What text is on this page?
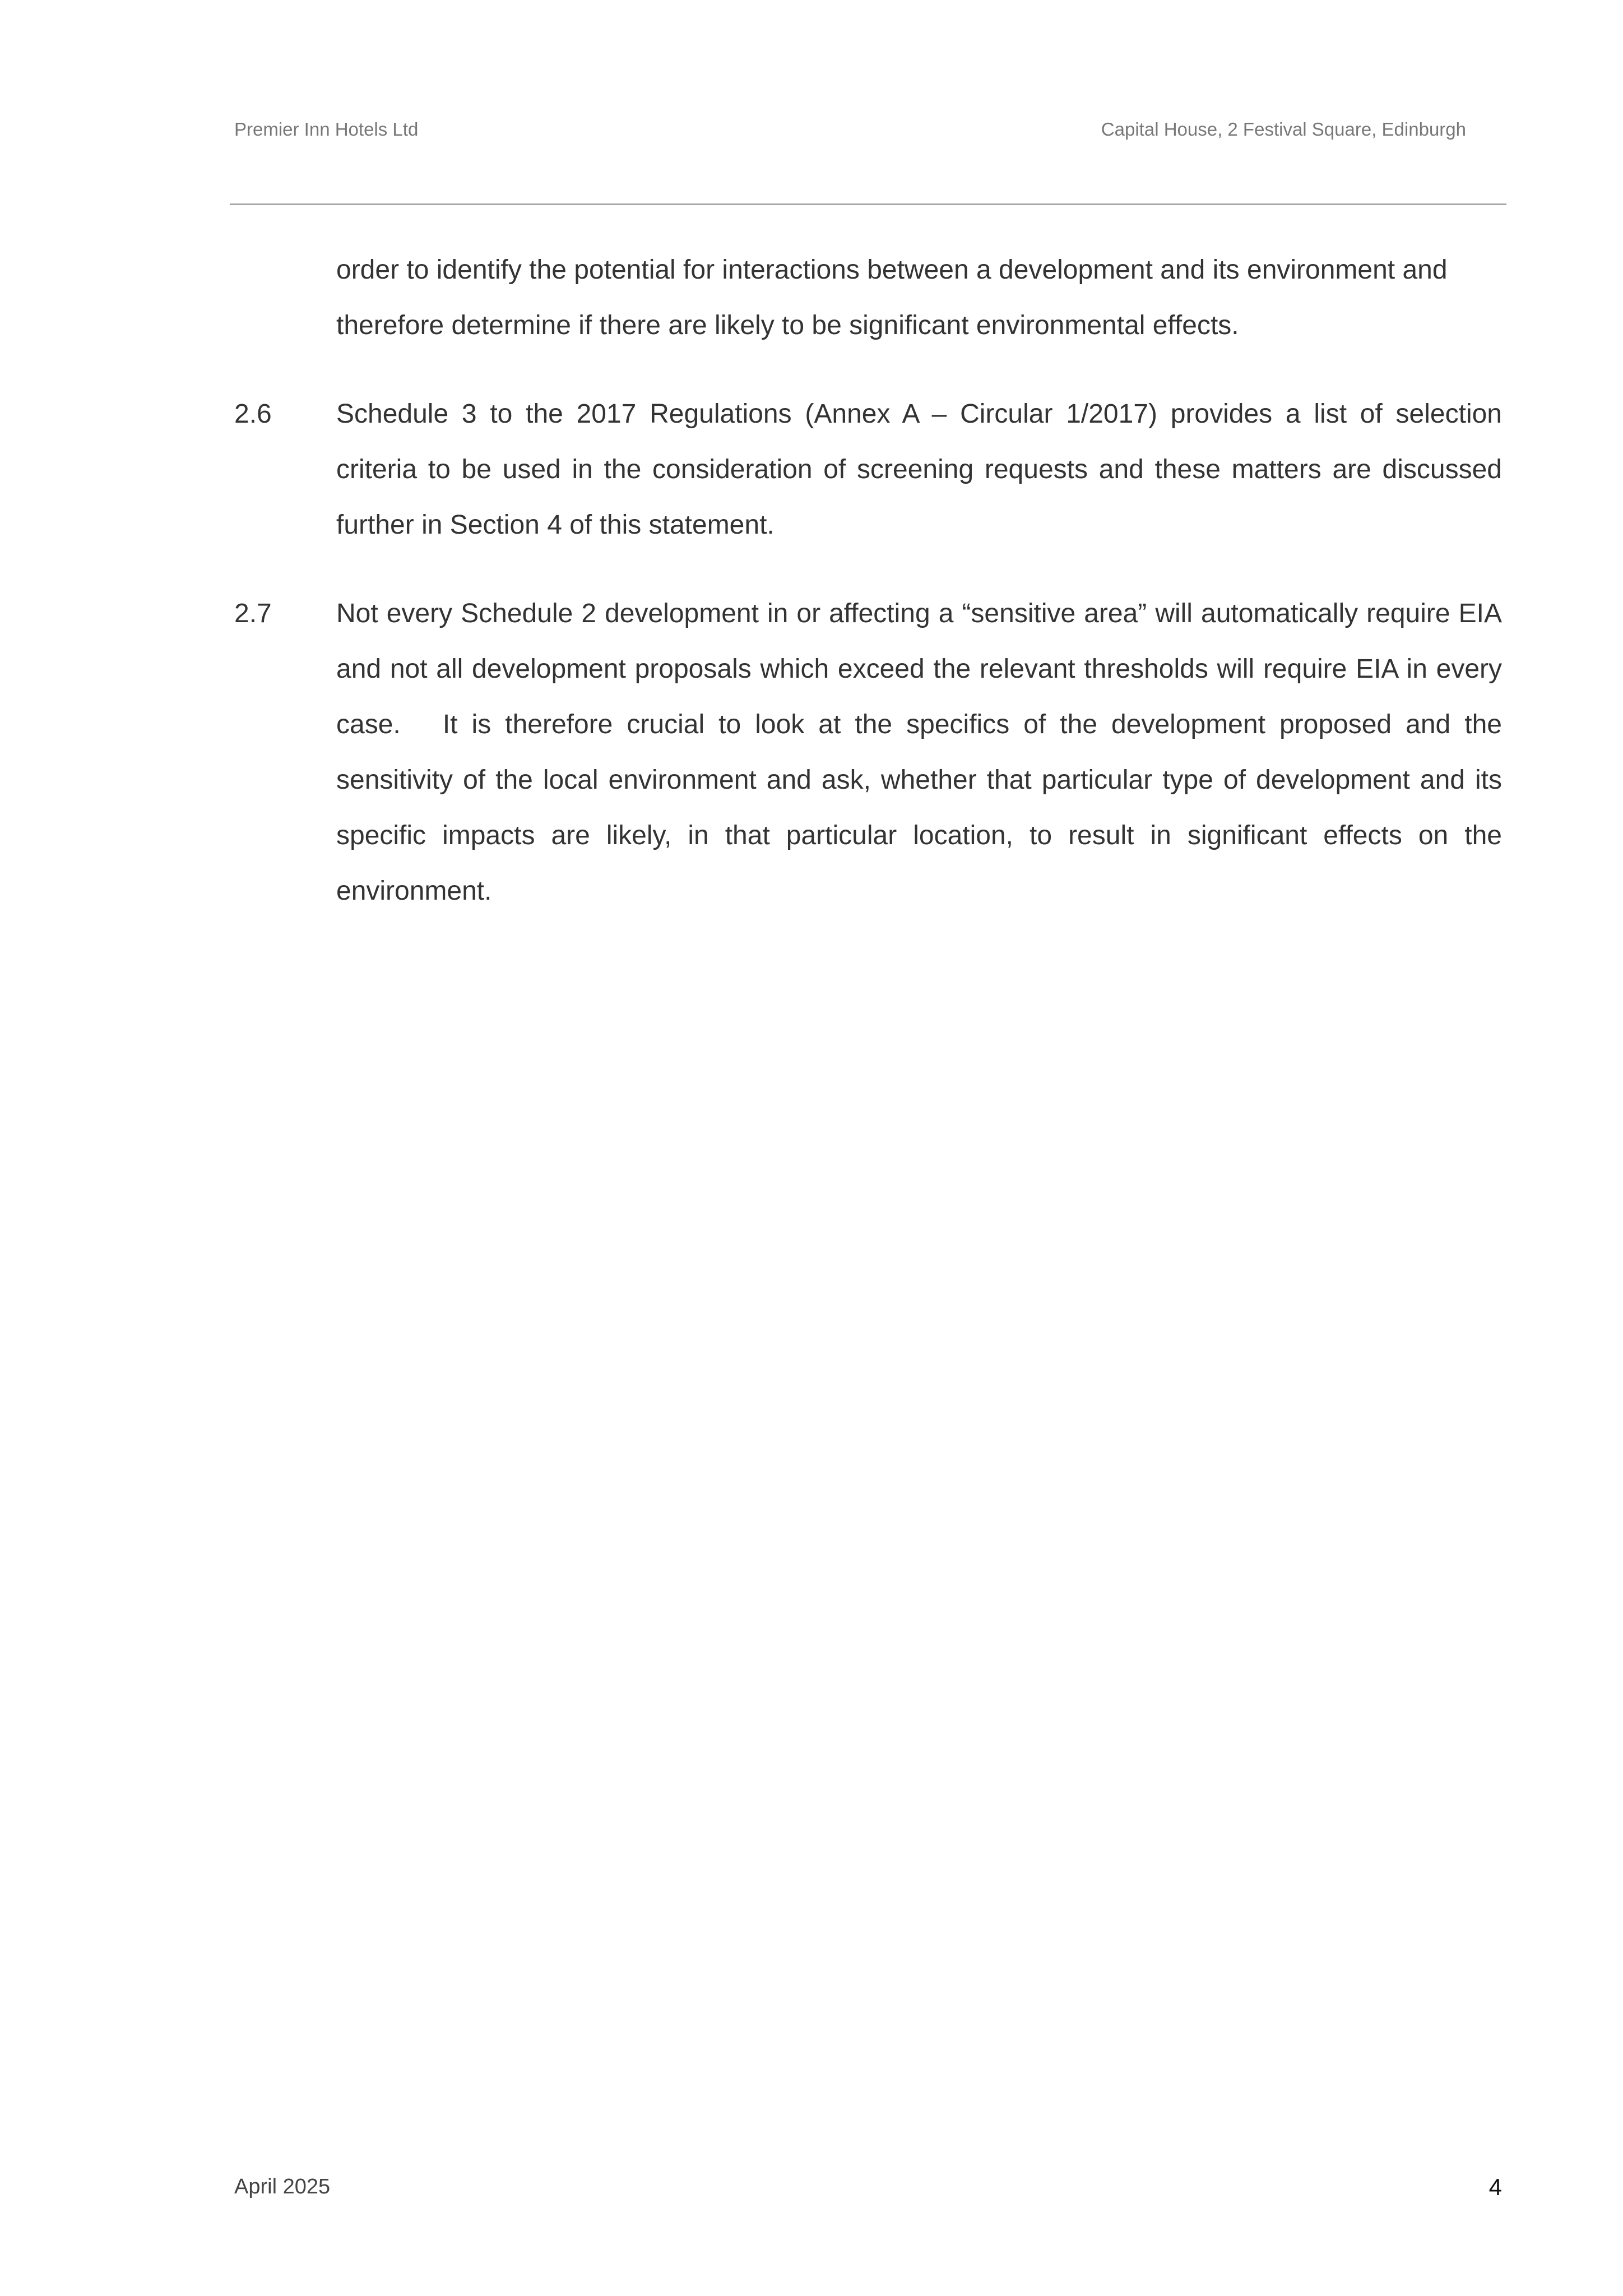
Premier Inn Hotels Ltd	Capital House, 2 Festival Square, Edinburgh
order to identify the potential for interactions between a development and its environment and therefore determine if there are likely to be significant environmental effects.
2.6	Schedule 3 to the 2017 Regulations (Annex A – Circular 1/2017) provides a list of selection criteria to be used in the consideration of screening requests and these matters are discussed further in Section 4 of this statement.
2.7	Not every Schedule 2 development in or affecting a “sensitive area” will automatically require EIA and not all development proposals which exceed the relevant thresholds will require EIA in every case.   It is therefore crucial to look at the specifics of the development proposed and the sensitivity of the local environment and ask, whether that particular type of development and its specific impacts are likely, in that particular location, to result in significant effects on the environment.
April 2025	4
